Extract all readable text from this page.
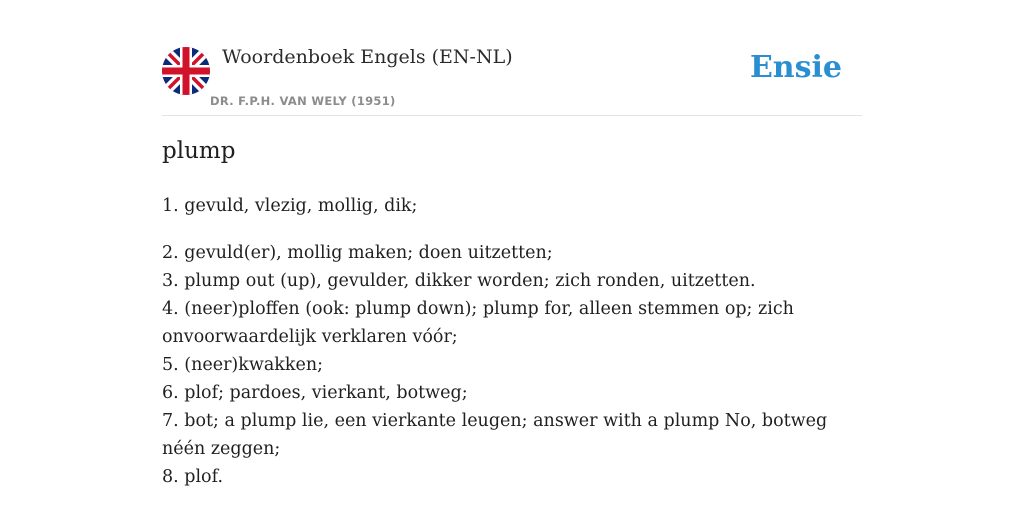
Woordenboek Engels (EN-NL)
DR. F.P.H. VAN WELY (1951)
Ensie
plump

1. gevuld, vlezig, mollig, dik;

2. gevuld(er), mollig maken; doen uitzetten;

3. plump out (up), gevulder, dikker worden; zich ronden, uitzetten.

4. (neer)ploffen (ook: plump down); plump for, alleen stemmen op; zich onvoorwaardelijk verklaren vóór;

5. (neer)kwakken;

6. plof; pardoes, vierkant, botweg;

7. bot; a plump lie, een vierkante leugen; answer with a plump No, botweg néén zeggen;

8. plof.
